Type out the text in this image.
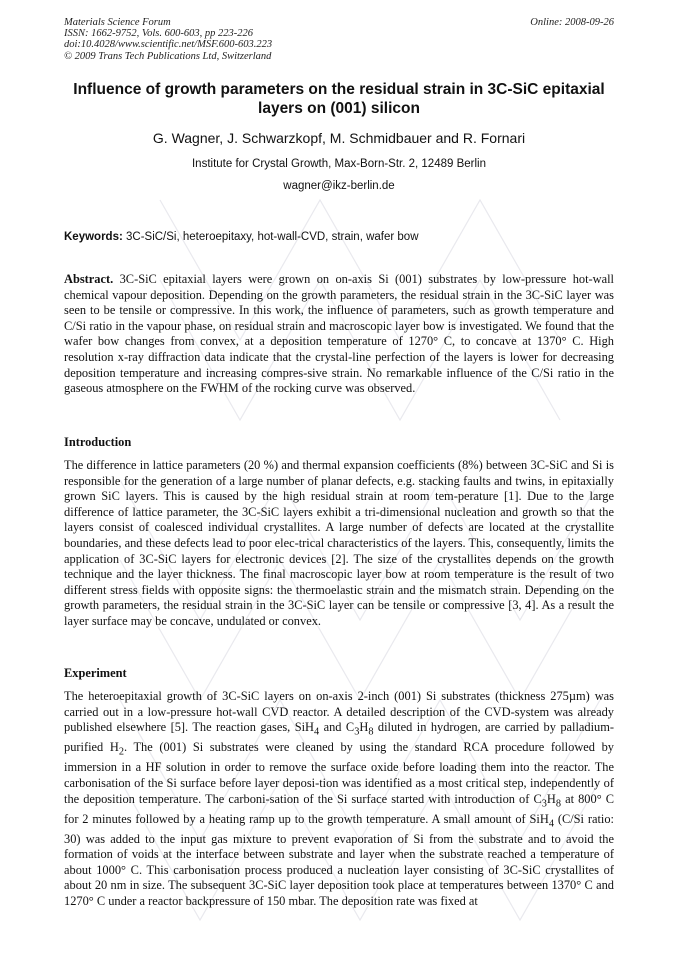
Materials Science Forum
ISSN: 1662-9752, Vols. 600-603, pp 223-226
doi:10.4028/www.scientific.net/MSF.600-603.223
© 2009 Trans Tech Publications Ltd, Switzerland
Online: 2008-09-26
Influence of growth parameters on the residual strain in 3C-SiC epitaxial layers on (001) silicon
G. Wagner, J. Schwarzkopf, M. Schmidbauer and R. Fornari
Institute for Crystal Growth, Max-Born-Str. 2, 12489 Berlin
wagner@ikz-berlin.de
Keywords: 3C-SiC/Si, heteroepitaxy, hot-wall-CVD, strain, wafer bow
Abstract. 3C-SiC epitaxial layers were grown on on-axis Si (001) substrates by low-pressure hot-wall chemical vapour deposition. Depending on the growth parameters, the residual strain in the 3C-SiC layer was seen to be tensile or compressive. In this work, the influence of parameters, such as growth temperature and C/Si ratio in the vapour phase, on residual strain and macroscopic layer bow is investigated. We found that the wafer bow changes from convex, at a deposition temperature of 1270° C, to concave at 1370° C. High resolution x-ray diffraction data indicate that the crystal-line perfection of the layers is lower for decreasing deposition temperature and increasing compres-sive strain. No remarkable influence of the C/Si ratio in the gaseous atmosphere on the FWHM of the rocking curve was observed.
Introduction
The difference in lattice parameters (20 %) and thermal expansion coefficients (8%) between 3C-SiC and Si is responsible for the generation of a large number of planar defects, e.g. stacking faults and twins, in epitaxially grown SiC layers. This is caused by the high residual strain at room tem-perature [1]. Due to the large difference of lattice parameter, the 3C-SiC layers exhibit a tri-dimensional nucleation and growth so that the layers consist of coalesced individual crystallites. A large number of defects are located at the crystallite boundaries, and these defects lead to poor elec-trical characteristics of the layers. This, consequently, limits the application of 3C-SiC layers for electronic devices [2]. The size of the crystallites depends on the growth technique and the layer thickness. The final macroscopic layer bow at room temperature is the result of two different stress fields with opposite signs: the thermoelastic strain and the mismatch strain. Depending on the growth parameters, the residual strain in the 3C-SiC layer can be tensile or compressive [3, 4]. As a result the layer surface may be concave, undulated or convex.
Experiment
The heteroepitaxial growth of 3C-SiC layers on on-axis 2-inch (001) Si substrates (thickness 275µm) was carried out in a low-pressure hot-wall CVD reactor. A detailed description of the CVD-system was already published elsewhere [5]. The reaction gases, SiH$_4$ and $C_3H_8$ diluted in hydrogen, are carried by palladium-purified $H_2$. The (001) Si substrates were cleaned by using the standard RCA procedure followed by immersion in a HF solution in order to remove the surface oxide before loading them into the reactor. The carbonisation of the Si surface before layer deposi-tion was identified as a most critical step, independently of the deposition temperature. The carboni-sation of the Si surface started with introduction of $C_3H_8$ at 800° C for 2 minutes followed by a heating ramp up to the growth temperature. A small amount of SiH$_4$ (C/Si ratio: 30) was added to the input gas mixture to prevent evaporation of Si from the substrate and to avoid the formation of voids at the interface between substrate and layer when the substrate reached a temperature of about 1000° C. This carbonisation process produced a nucleation layer consisting of 3C-SiC crystallites of about 20 nm in size. The subsequent 3C-SiC layer deposition took place at temperatures between 1370° C and 1270° C under a reactor backpressure of 150 mbar. The deposition rate was fixed at
